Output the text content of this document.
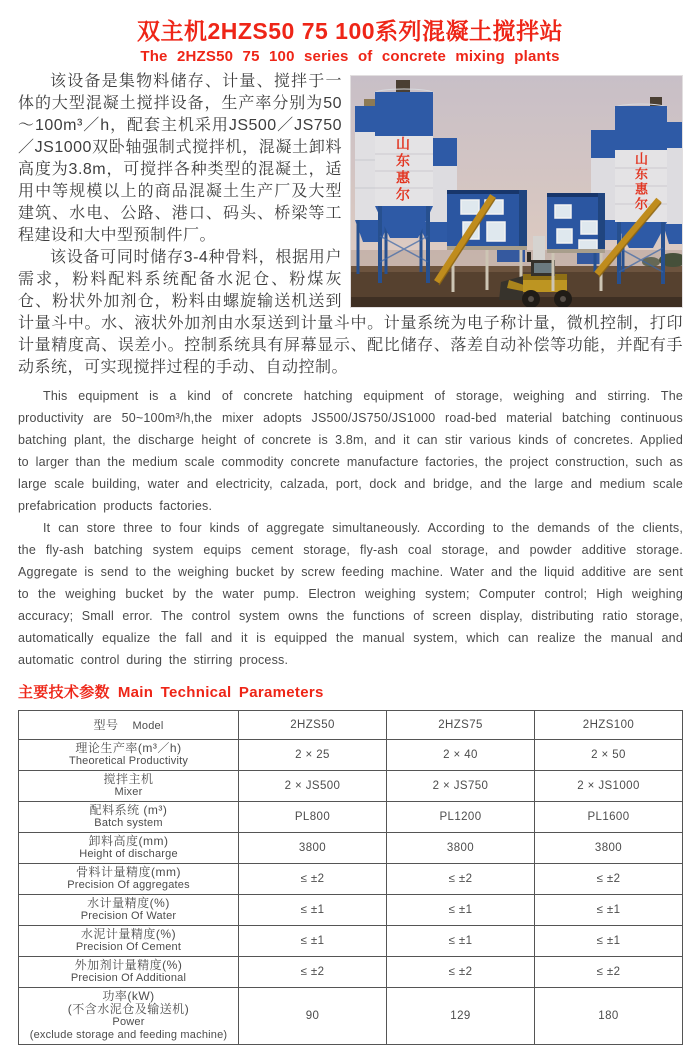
双主机2HZS50 75 100系列混凝土搅拌站
The 2HZS50 75 100 series of concrete mixing plants
山东惠尔	山东惠尔

该设备是集物料储存、计量、搅拌于一体的大型混凝土搅拌设备，生产率分别为50～100m³／h，配套主机采用JS500／JS750／JS1000双卧轴强制式搅拌机，混凝土卸料高度为3.8m，可搅拌各种类型的混凝土，适用中等规模以上的商品混凝土生产厂及大型建筑、水电、公路、港口、码头、桥梁等工程建设和大中型预制件厂。

该设备可同时储存3-4种骨料，根据用户需求，粉料配料系统配备水泥仓、粉煤灰仓、粉状外加剂仓，粉料由螺旋输送机送到计量斗中。水、液状外加剂由水泵送到计量斗中。计量系统为电子称计量，微机控制，打印计量精度高、误差小。控制系统具有屏幕显示、配比储存、落差自动补偿等功能，并配有手动系统，可实现搅拌过程的手动、自动控制。

This equipment is a kind of concrete hatching equipment of storage, weighing and stirring. The productivity are 50~100m³/h,the mixer adopts JS500/JS750/JS1000 road-bed material batching continuous batching plant, the discharge height of concrete is 3.8m, and it can stir various kinds of concretes. Applied to larger than the medium scale commodity concrete manufacture factories, the project construction, such as large scale building, water and electricity, calzada, port, dock and bridge, and the large and medium scale prefabrication products factories.

It can store three to four kinds of aggregate simultaneously. According to the demands of the clients, the fly-ash batching system equips cement storage, fly-ash coal storage, and powder additive storage. Aggregate is send to the weighing bucket by screw feeding machine. Water and the liquid additive are sent to the weighing bucket by the water pump. Electron weighing system; Computer control; High weighing accuracy; Small error. The control system owns the functions of screen display, distributing ratio storage, automatically equalize the fall and it is equipped the manual system, which can realize the manual and automatic control during the stirring process.

主要技术参数 Main Technical Parameters
型号 Model	2HZS50	2HZS75	2HZS100

理论生产率(m³／h)
Theoretical Productivity	2 × 25	2 × 40	2 × 50

搅拌主机
Mixer	2 × JS500	2 × JS750	2 × JS1000

配料系统 (m³)
Batch system	PL800	PL1200	PL1600

卸料高度(mm)
Height of discharge	3800	3800	3800

骨料计量精度(mm)
Precision Of aggregates	≤ ±2	≤ ±2	≤ ±2

水计量精度(%)
Precision Of Water	≤ ±1	≤ ±1	≤ ±1

水泥计量精度(%)
Precision Of Cement	≤ ±1	≤ ±1	≤ ±1

外加剂计量精度(%)
Precision Of Additional	≤ ±2	≤ ±2	≤ ±2

功率(kW)
(不含水泥仓及输送机)
Power
(exclude storage and feeding machine)	90	129	180
